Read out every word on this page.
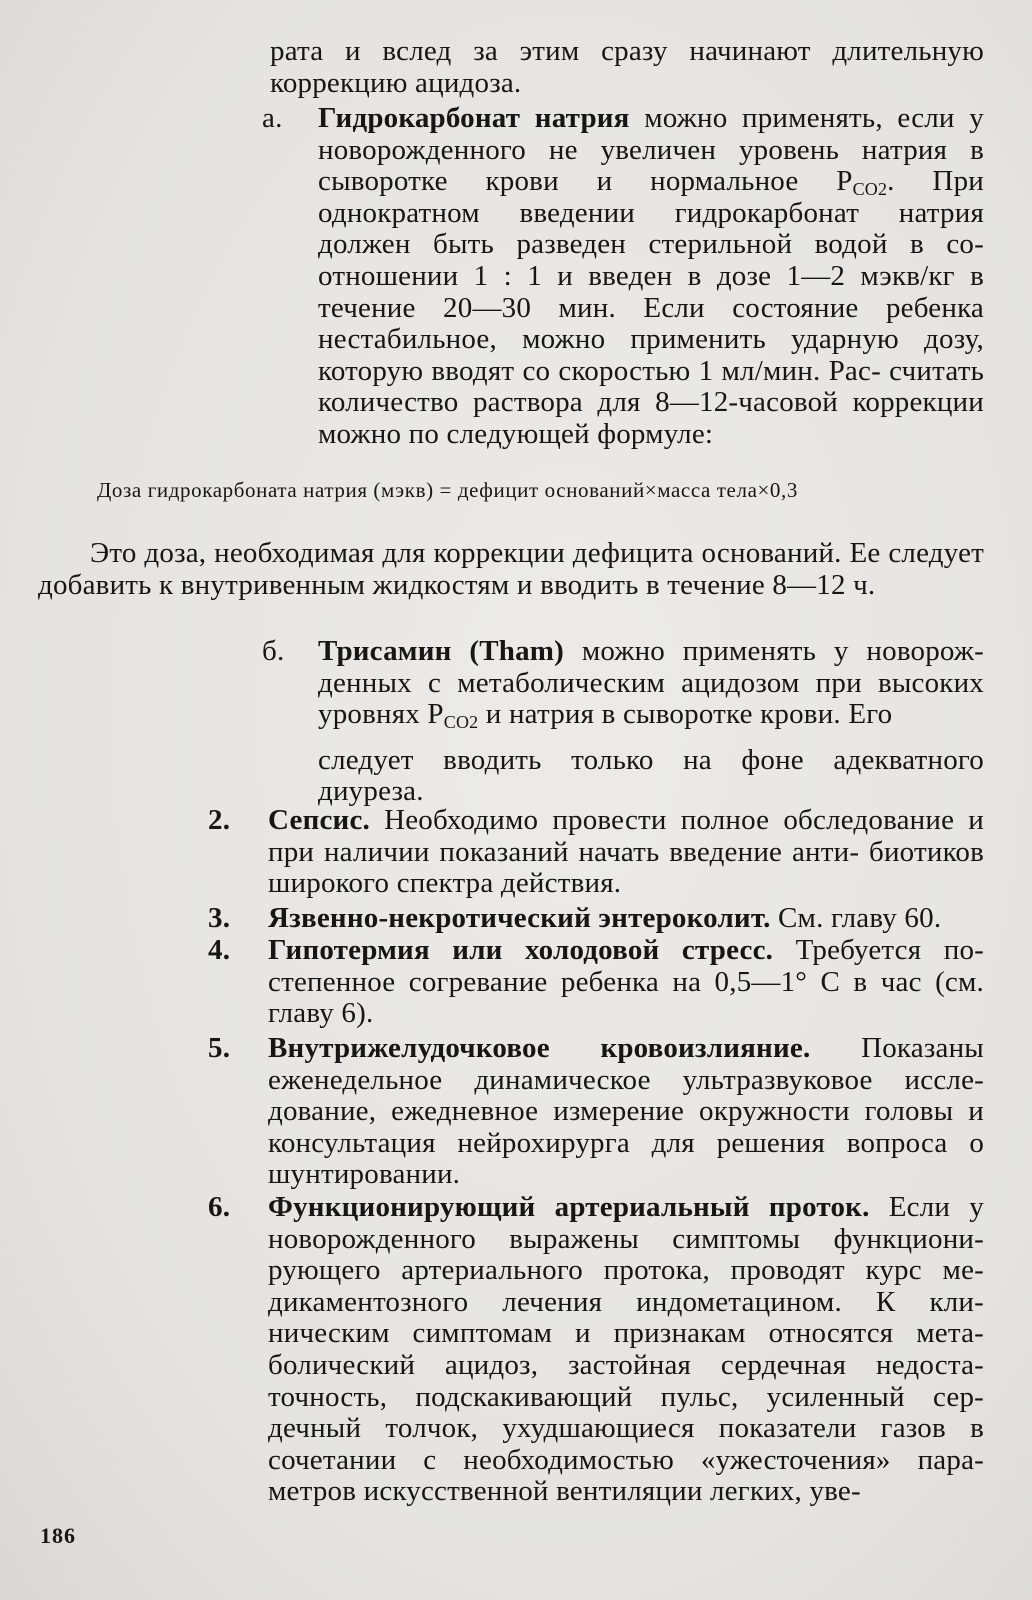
рата и вслед за этим сразу начинают длительную коррекцию ацидоза.

а. Гидрокарбонат натрия можно применять, если у новорожденного не увеличен уровень натрия в сыворотке крови и нормальное $P_{CO2}$. При однократном введении гидрокарбонат натрия должен быть разведен стерильной водой в со- отношении 1 : 1 и введен в дозе 1—2 мэкв/кг в течение 20—30 мин. Если состояние ребенка нестабильное, можно применить ударную дозу, которую вводят со скоростью 1 мл/мин. Рас- считать количество раствора для 8—12-часовой коррекции можно по следующей формуле:

Доза гидрокарбоната натрия (мэкв) = дефицит оснований×масса тела×0,3

Это доза, необходимая для коррекции дефицита оснований. Ее следует добавить к внутривенным жидкостям и вводить в течение 8—12 ч.

б. Трисамин (Tham) можно применять у новорож- денных с метаболическим ацидозом при высоких уровнях $P_{CO2}$ и натрия в сыворотке крови. Его
следует вводить только на фоне адекватного диуреза.

2. Сепсис. Необходимо провести полное обследование и при наличии показаний начать введение анти- биотиков широкого спектра действия.

3. Язвенно-некротический энтероколит. См. главу 60.

4. Гипотермия или холодовой стресс. Требуется по- степенное согревание ребенка на 0,5—1° С в час (см. главу 6).

5. Внутрижелудочковое кровоизлияние. Показаны еженедельное динамическое ультразвуковое иссле- дование, ежедневное измерение окружности головы и консультация нейрохирурга для решения вопроса о шунтировании.

6. Функционирующий артериальный проток. Если у новорожденного выражены симптомы функциони- рующего артериального протока, проводят курс ме- дикаментозного лечения индометацином. К кли- ническим симптомам и признакам относятся мета- болический ацидоз, застойная сердечная недоста- точность, подскакивающий пульс, усиленный сер- дечный толчок, ухудшающиеся показатели газов в сочетании с необходимостью «ужесточения» пара- метров искусственной вентиляции легких, уве-

186
